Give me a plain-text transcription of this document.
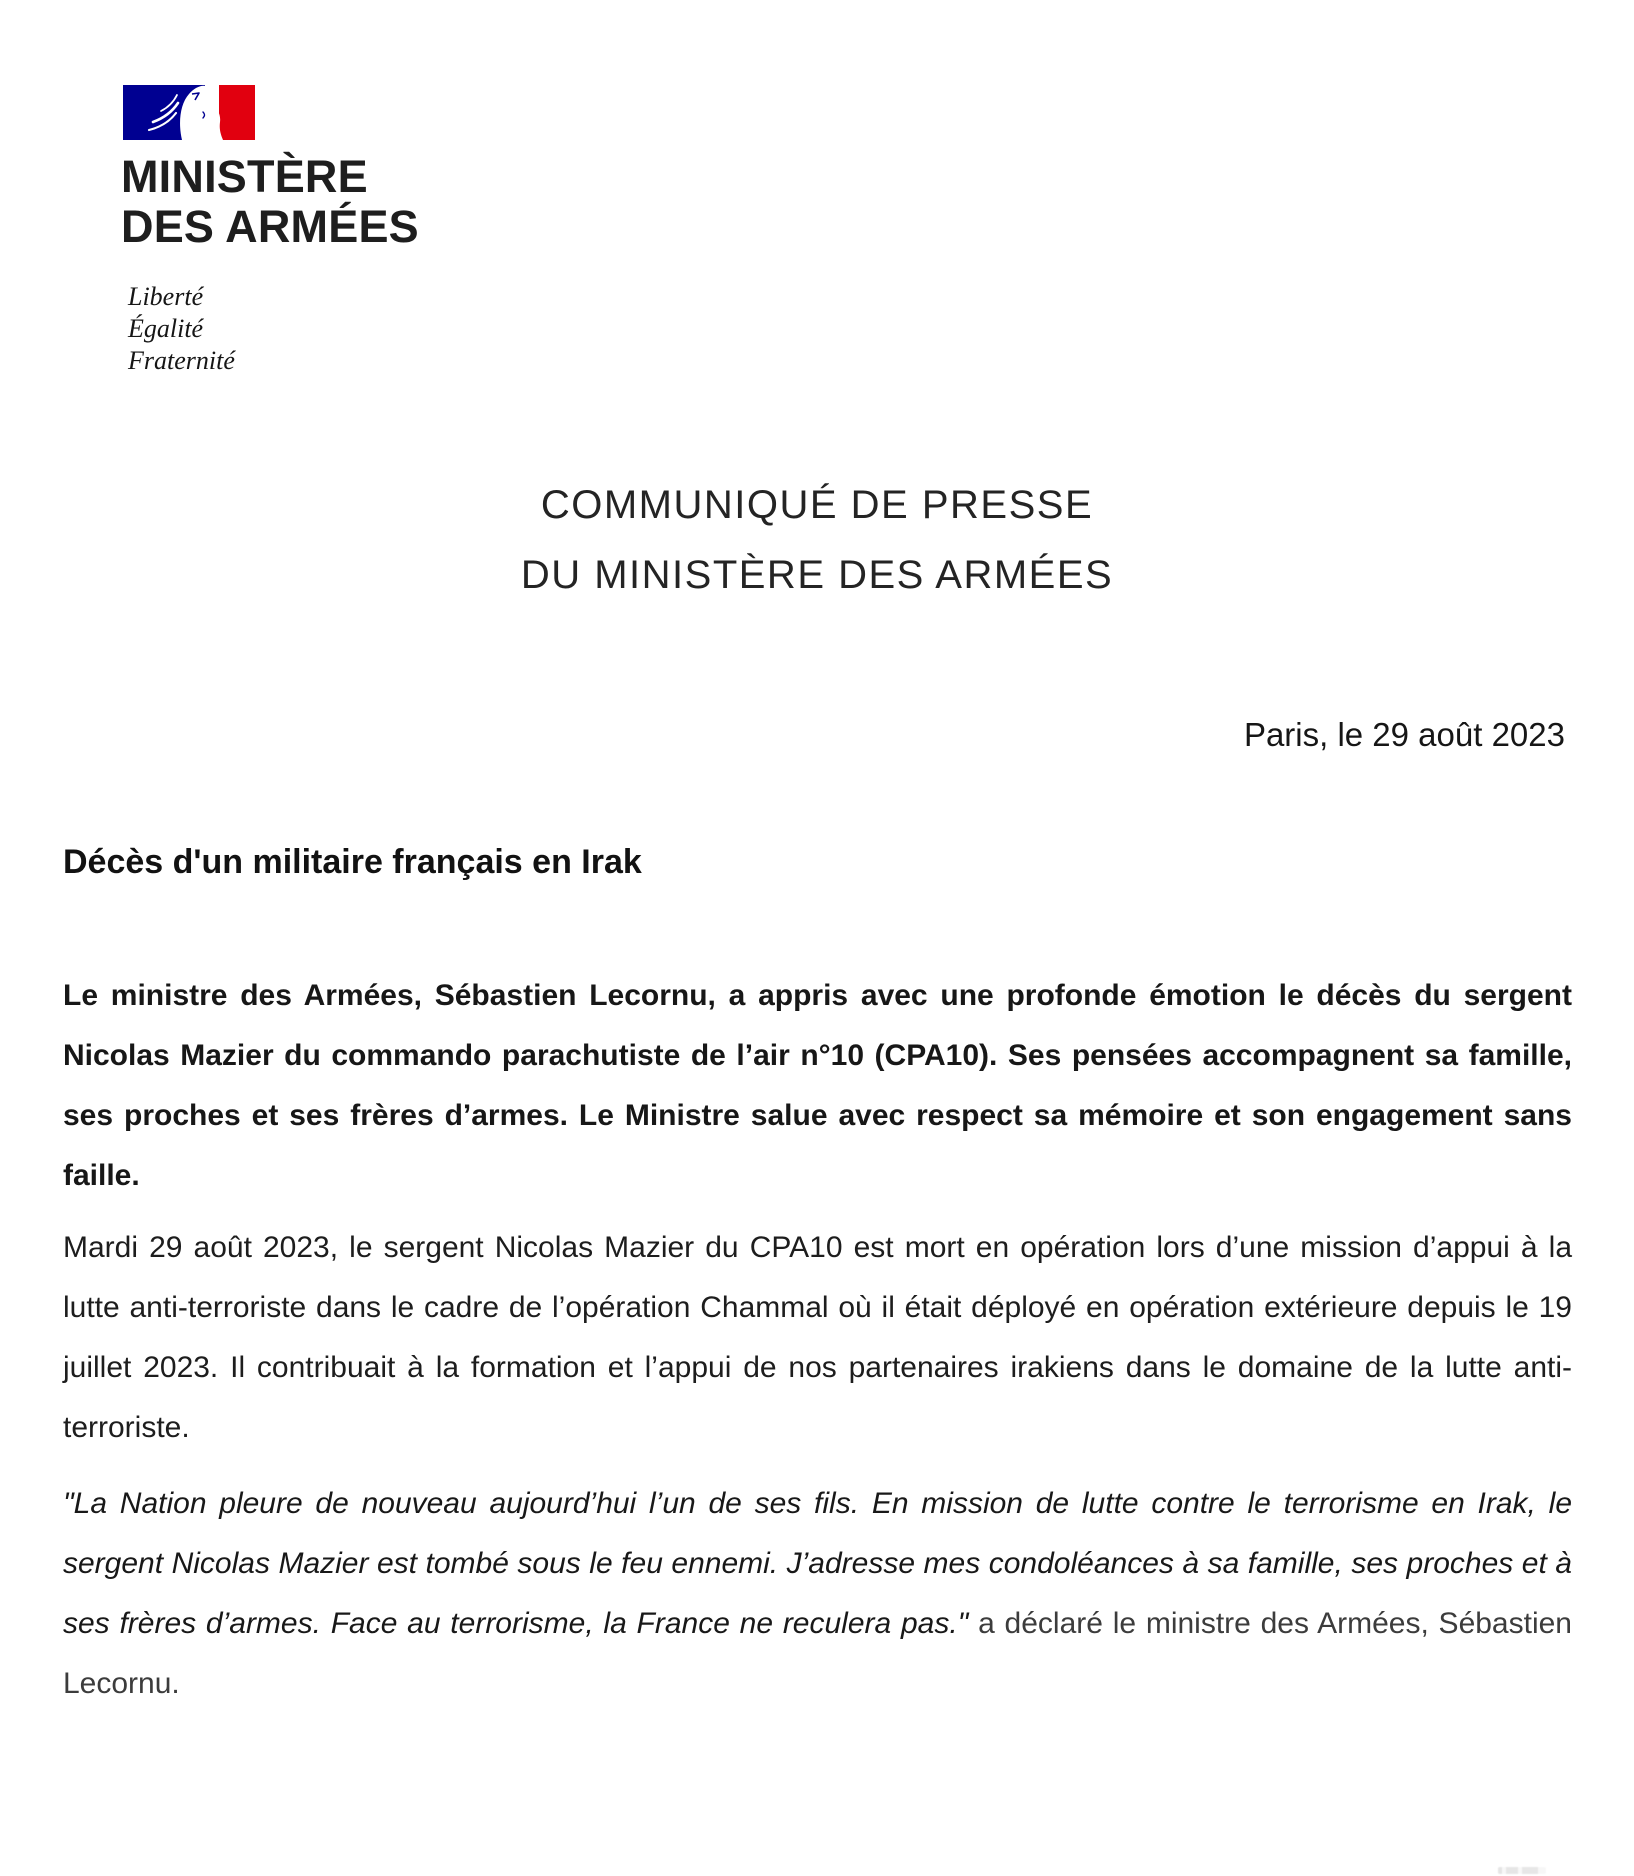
MINISTÈRE
DES ARMÉES
Liberté
Égalité
Fraternité
COMMUNIQUÉ DE PRESSE
DU MINISTÈRE DES ARMÉES
Paris, le 29 août 2023
Décès d'un militaire français en Irak

Le ministre des Armées, Sébastien Lecornu, a appris avec une profonde émotion le décès du sergent Nicolas Mazier du commando parachutiste de l’air n°10 (CPA10). Ses pensées accompagnent sa famille, ses proches et ses frères d’armes. Le Ministre salue avec respect sa mémoire et son engagement sans faille.

Mardi 29 août 2023, le sergent Nicolas Mazier du CPA10 est mort en opération lors d’une mission d’appui à la lutte anti-terroriste dans le cadre de l’opération Chammal où il était déployé en opération extérieure depuis le 19 juillet 2023. Il contribuait à la formation et l’appui de nos partenaires irakiens dans le domaine de la lutte anti-terroriste.

"La Nation pleure de nouveau aujourd’hui l’un de ses fils. En mission de lutte contre le terrorisme en Irak, le sergent Nicolas Mazier est tombé sous le feu ennemi. J’adresse mes condoléances à sa famille, ses proches et à ses frères d’armes. Face au terrorisme, la France ne reculera pas." a déclaré le ministre des Armées, Sébastien Lecornu.
